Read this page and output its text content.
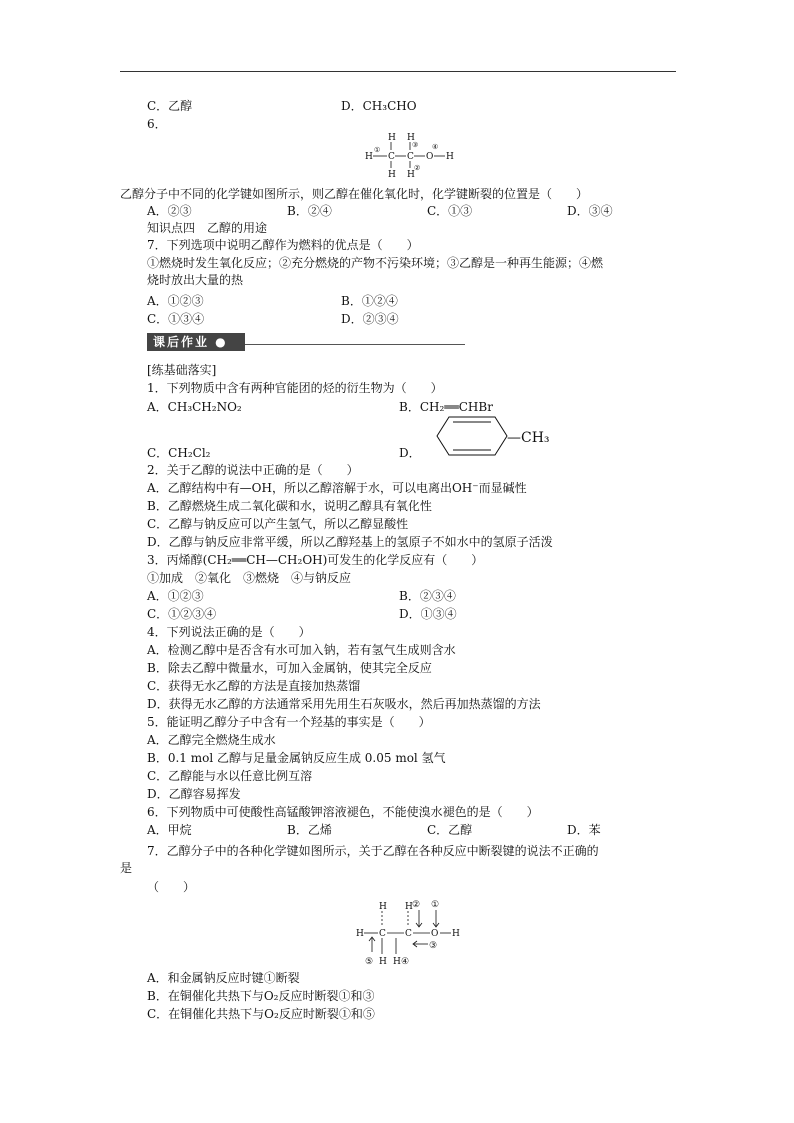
C．乙醇	D．CH₃CHO
6．
H H
H C C O H
H H
①
③ ④
②
乙醇分子中不同的化学键如图所示，则乙醇在催化氧化时，化学键断裂的位置是（　　）
A．②③	B．②④	C．①③	D．③④
知识点四　乙醇的用途
7．下列选项中说明乙醇作为燃料的优点是（　　）
①燃烧时发生氧化反应；②充分燃烧的产物不污染环境；③乙醇是一种再生能源；④燃
烧时放出大量的热
A．①②③	B．①②④
C．①③④	D．②③④
课后作业 ●
[练基础落实]
1．下列物质中含有两种官能团的烃的衍生物为（　　）
A．CH₃CH₂NO₂	B．CH₂══CHBr
C．CH₂Cl₂	D．
—CH₃
2．关于乙醇的说法中正确的是（　　）
A．乙醇结构中有—OH，所以乙醇溶解于水，可以电离出OH⁻而显碱性
B．乙醇燃烧生成二氧化碳和水，说明乙醇具有氧化性
C．乙醇与钠反应可以产生氢气，所以乙醇显酸性
D．乙醇与钠反应非常平缓，所以乙醇羟基上的氢原子不如水中的氢原子活泼
3．丙烯醇(CH₂══CH—CH₂OH)可发生的化学反应有（　　）
①加成　②氧化　③燃烧　④与钠反应
A．①②③	B．②③④
C．①②③④	D．①③④
4．下列说法正确的是（　　）
A．检测乙醇中是否含有水可加入钠，若有氢气生成则含水
B．除去乙醇中微量水，可加入金属钠，使其完全反应
C．获得无水乙醇的方法是直接加热蒸馏
D．获得无水乙醇的方法通常采用先用生石灰吸水，然后再加热蒸馏的方法
5．能证明乙醇分子中含有一个羟基的事实是（　　）
A．乙醇完全燃烧生成水
B．0.1 mol 乙醇与足量金属钠反应生成 0.05 mol 氢气
C．乙醇能与水以任意比例互溶
D．乙醇容易挥发
6．下列物质中可使酸性高锰酸钾溶液褪色，不能使溴水褪色的是（　　）
A．甲烷	B．乙烯	C．乙醇	D．苯
7．乙醇分子中的各种化学键如图所示，关于乙醇在各种反应中断裂键的说法不正确的
是
（　　）
H H
H C C O H
H H
② ①
③
⑤	④
A．和金属钠反应时键①断裂
B．在铜催化共热下与O₂反应时断裂①和③
C．在铜催化共热下与O₂反应时断裂①和⑤
